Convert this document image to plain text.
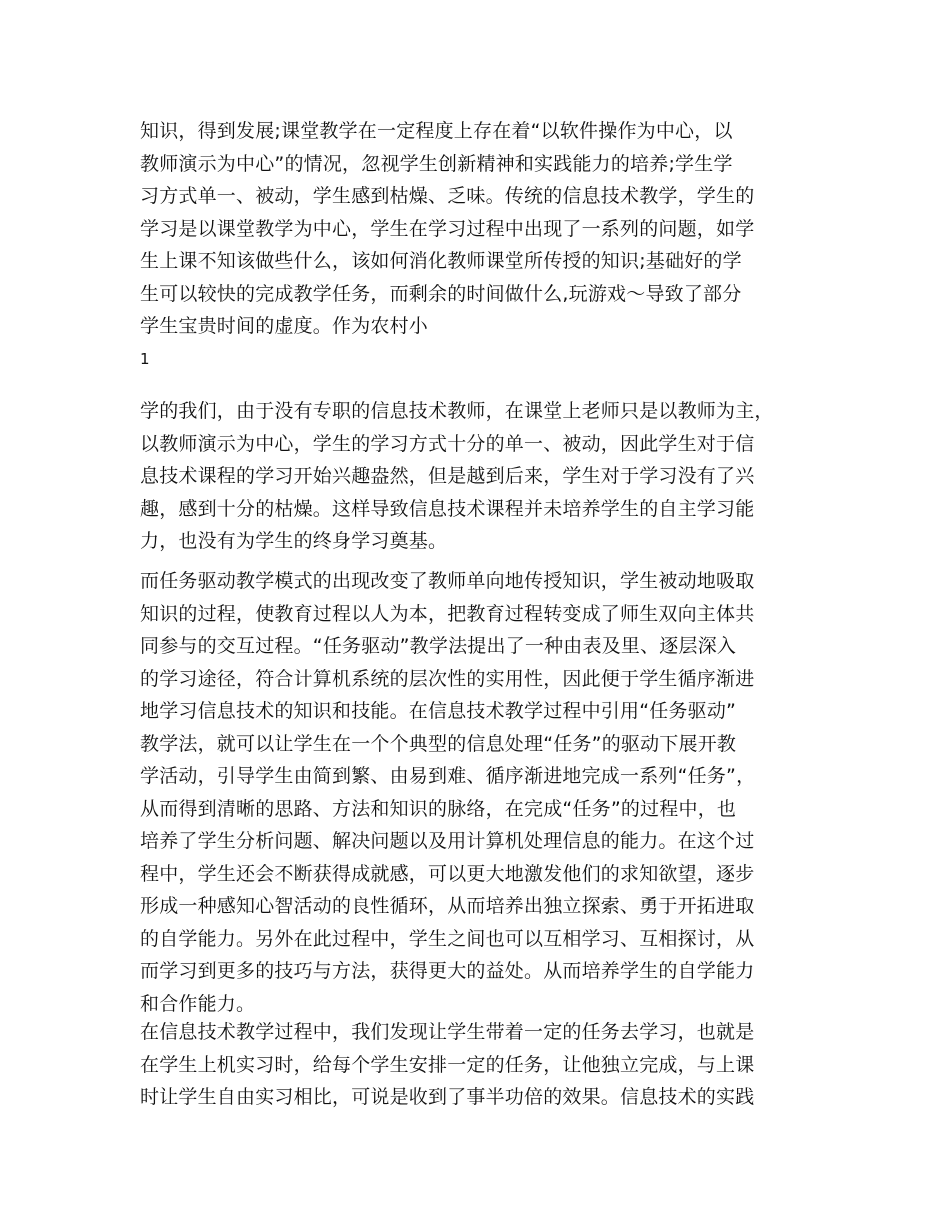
知识，得到发展;课堂教学在一定程度上存在着“以软件操作为中心，以
教师演示为中心”的情况，忽视学生创新精神和实践能力的培养;学生学
习方式单一、被动，学生感到枯燥、乏味。传统的信息技术教学，学生的
学习是以课堂教学为中心，学生在学习过程中出现了一系列的问题，如学
生上课不知该做些什么，该如何消化教师课堂所传授的知识;基础好的学
生可以较快的完成教学任务，而剩余的时间做什么,玩游戏～导致了部分
学生宝贵时间的虚度。作为农村小
1
学的我们，由于没有专职的信息技术教师，在课堂上老师只是以教师为主，
以教师演示为中心，学生的学习方式十分的单一、被动，因此学生对于信
息技术课程的学习开始兴趣盎然，但是越到后来，学生对于学习没有了兴
趣，感到十分的枯燥。这样导致信息技术课程并未培养学生的自主学习能
力，也没有为学生的终身学习奠基。
而任务驱动教学模式的出现改变了教师单向地传授知识，学生被动地吸取
知识的过程，使教育过程以人为本，把教育过程转变成了师生双向主体共
同参与的交互过程。“任务驱动”教学法提出了一种由表及里、逐层深入
的学习途径，符合计算机系统的层次性的实用性，因此便于学生循序渐进
地学习信息技术的知识和技能。在信息技术教学过程中引用“任务驱动”
教学法，就可以让学生在一个个典型的信息处理“任务”的驱动下展开教
学活动，引导学生由简到繁、由易到难、循序渐进地完成一系列“任务”，
从而得到清晰的思路、方法和知识的脉络，在完成“任务”的过程中，也
培养了学生分析问题、解决问题以及用计算机处理信息的能力。在这个过
程中，学生还会不断获得成就感，可以更大地激发他们的求知欲望，逐步
形成一种感知心智活动的良性循环，从而培养出独立探索、勇于开拓进取
的自学能力。另外在此过程中，学生之间也可以互相学习、互相探讨，从
而学习到更多的技巧与方法，获得更大的益处。从而培养学生的自学能力
和合作能力。
在信息技术教学过程中，我们发现让学生带着一定的任务去学习，也就是
在学生上机实习时，给每个学生安排一定的任务，让他独立完成，与上课
时让学生自由实习相比，可说是收到了事半功倍的效果。信息技术的实践
